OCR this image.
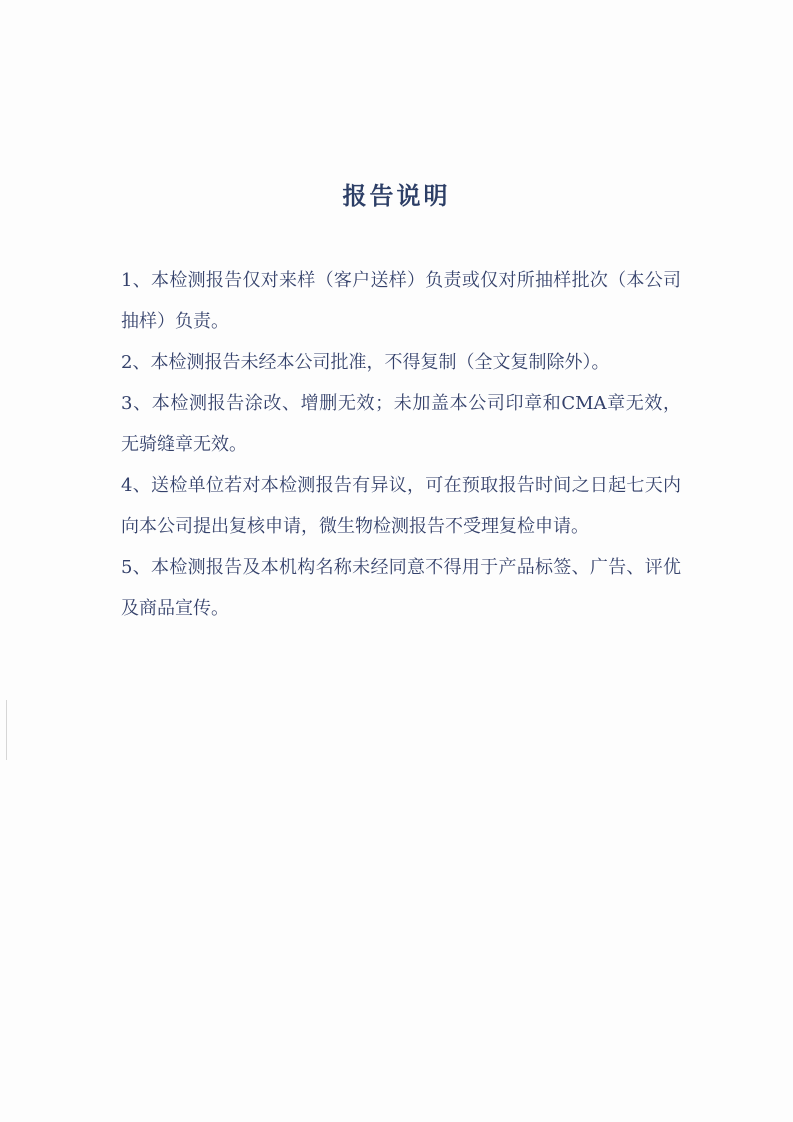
报告说明

1、本检测报告仅对来样（客户送样）负责或仅对所抽样批次（本公司抽样）负责。

2、本检测报告未经本公司批准，不得复制（全文复制除外）。

3、本检测报告涂改、增删无效；未加盖本公司印章和CMA章无效，无骑缝章无效。

4、送检单位若对本检测报告有异议，可在预取报告时间之日起七天内向本公司提出复核申请，微生物检测报告不受理复检申请。

5、本检测报告及本机构名称未经同意不得用于产品标签、广告、评优及商品宣传。
